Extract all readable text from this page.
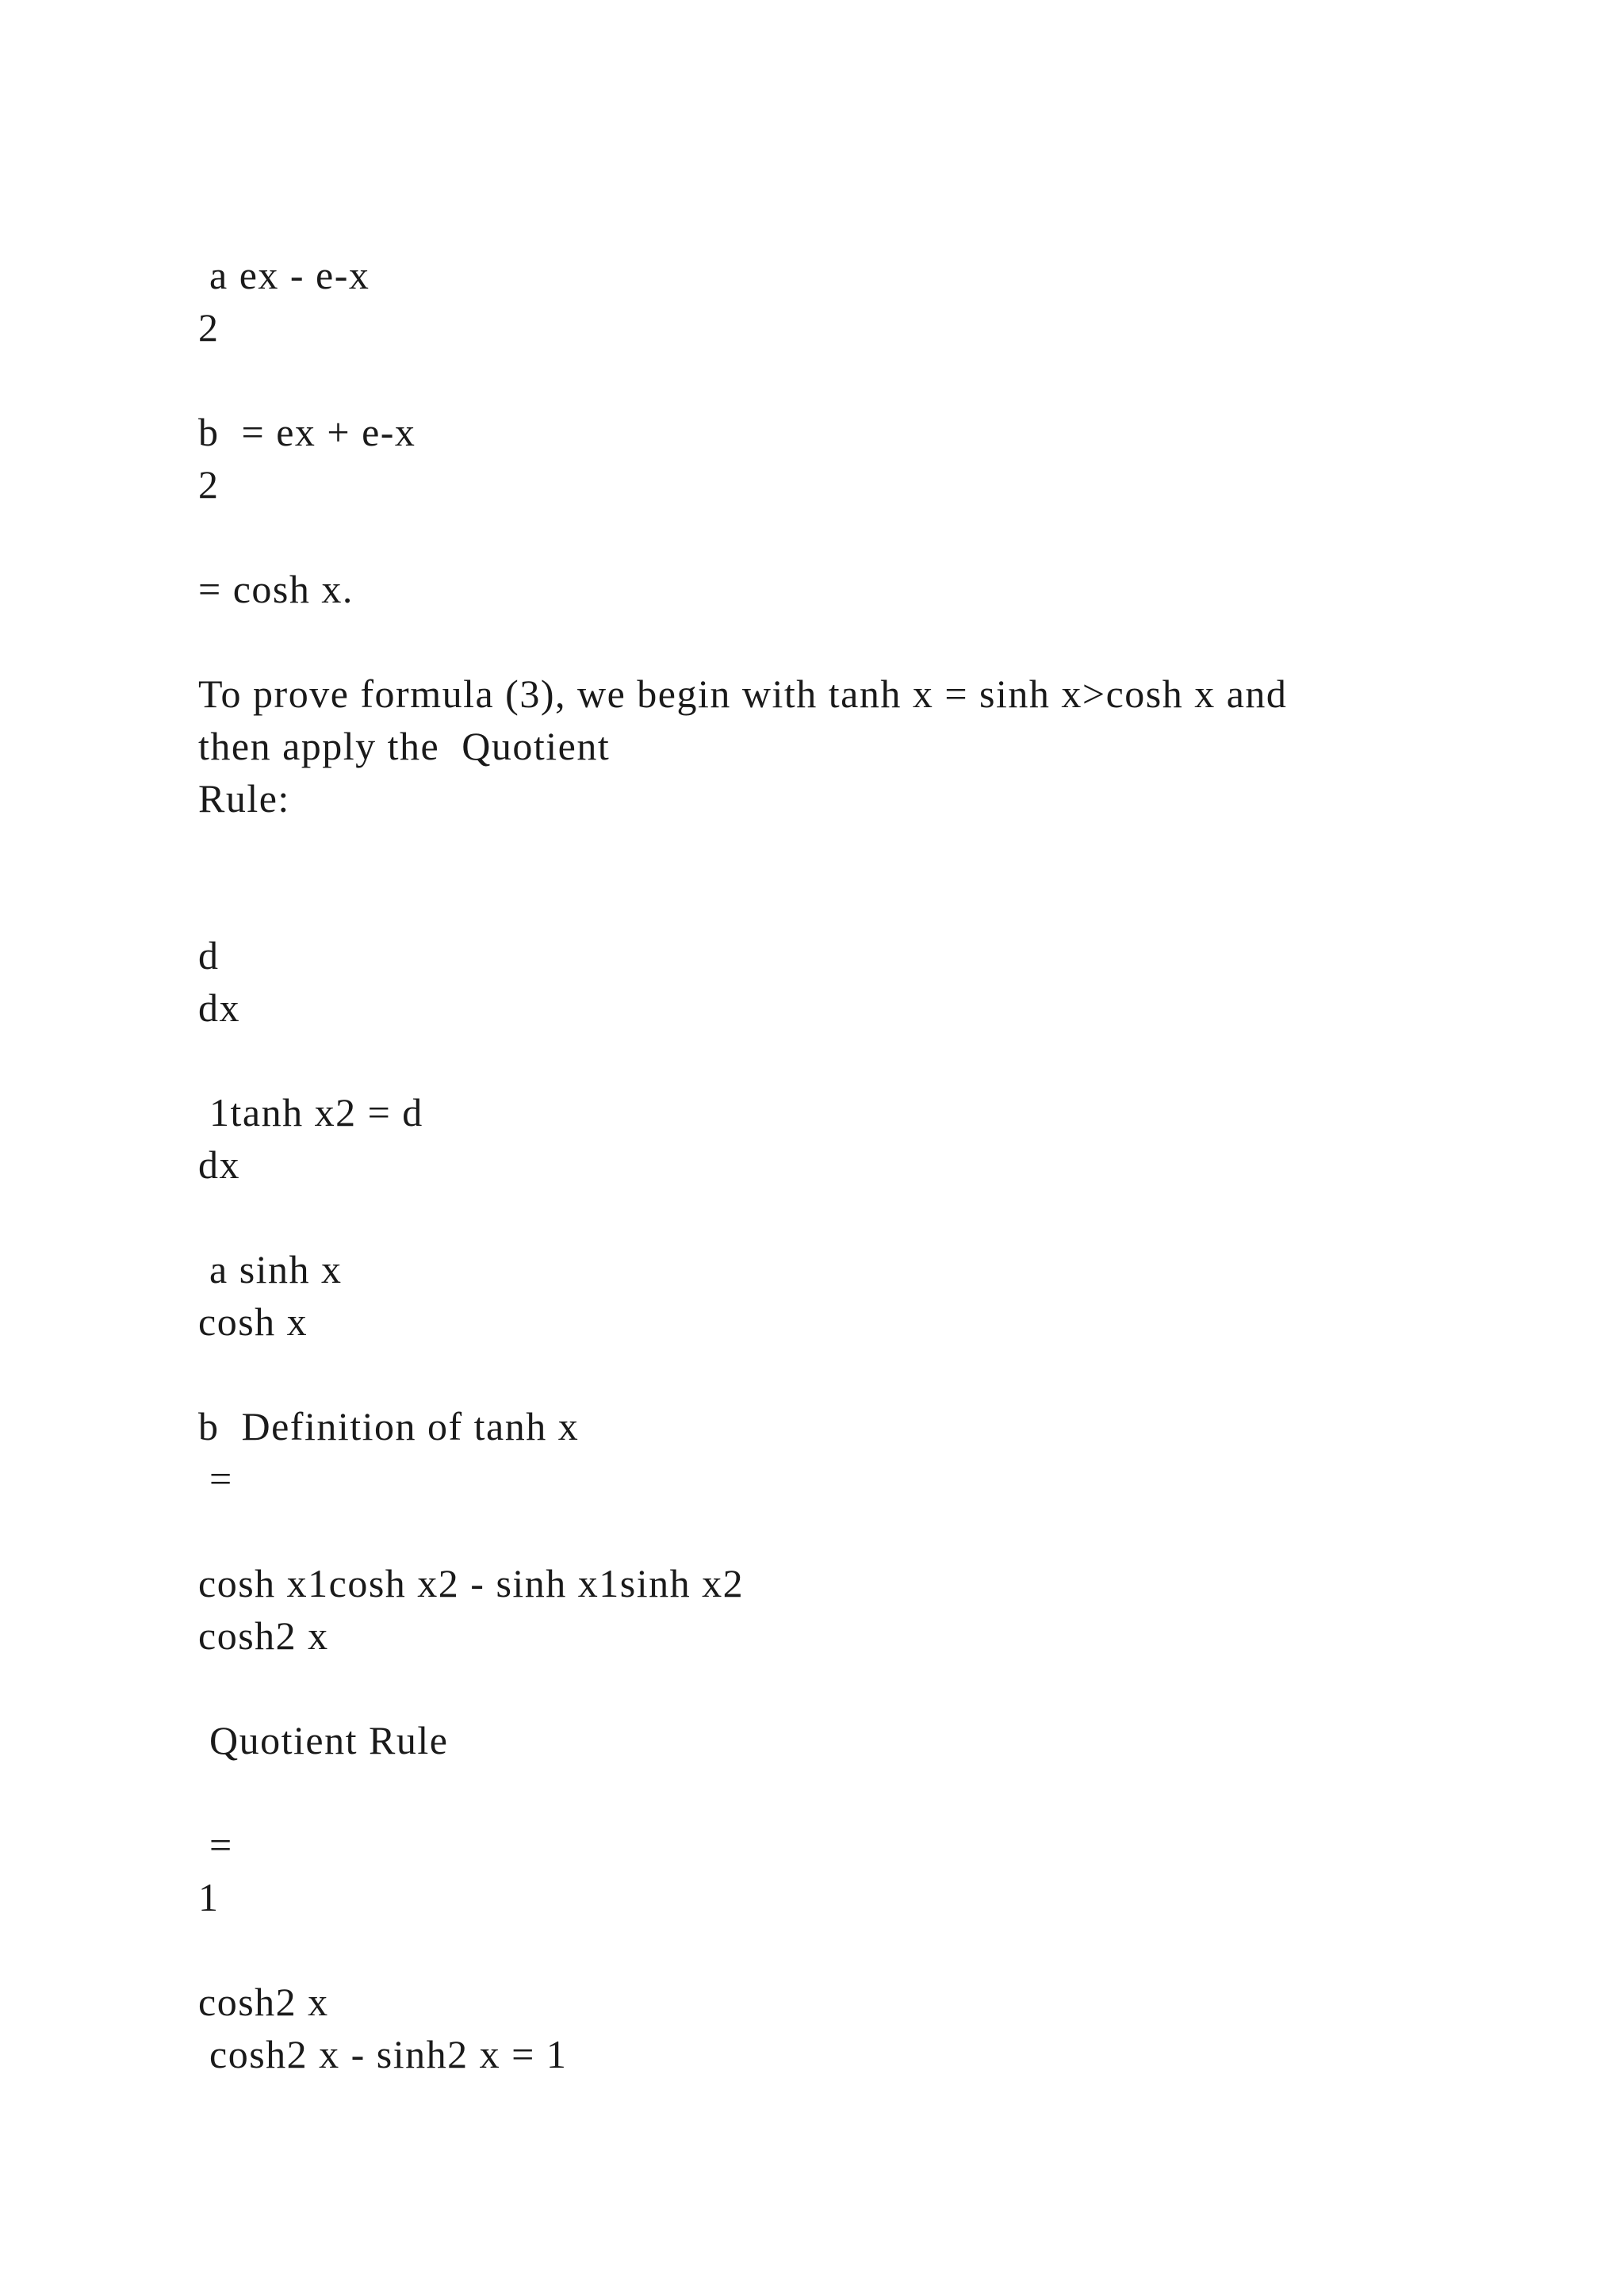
a ex - e-x

2

b  = ex + e-x

2

= cosh x.

To prove formula (3), we begin with tanh x = sinh x>cosh x and

then apply the  Quotient

Rule:

d

dx

1tanh x2 = d

dx

a sinh x

cosh x

b  Definition of tanh x

=

cosh x1cosh x2 - sinh x1sinh x2

cosh2 x

Quotient Rule

=

1

cosh2 x

cosh2 x - sinh2 x = 1
